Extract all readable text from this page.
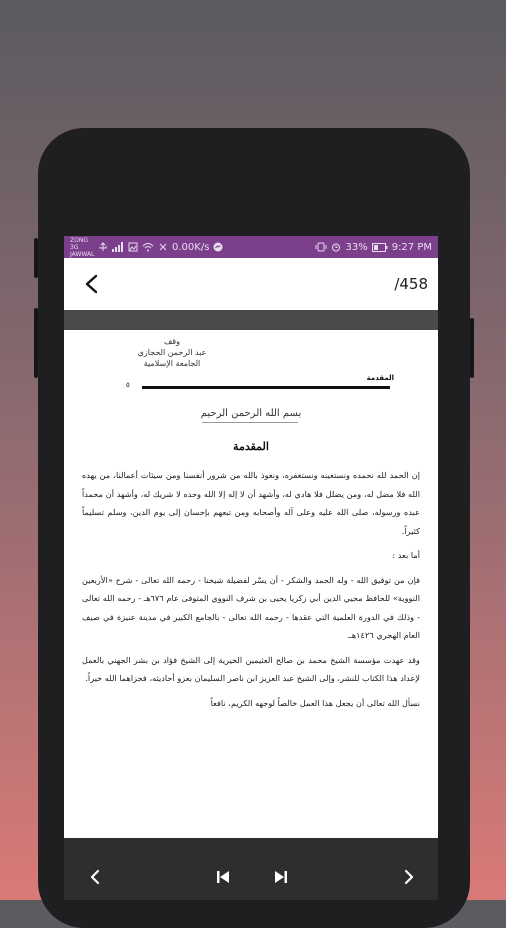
ZONG 3G JAWWAL
0.00K/s	33% 9:27 PM
/458
وقف
عبد الرحمن الحجازي
الجامعة الإسلامية
المقدمة
٥
بسم الله الرحمن الرحيم
المقدمة

إن الحمد لله نحمده ونستعينه ونستغفره، ونعوذ بالله من شرور أنفسنا ومن سيئات أعمالنا، من يهده الله فلا مضل له، ومن يضلل فلا هادي له، وأشهد أن لا إله إلا الله وحده لا شريك له، وأشهد أن محمداً عبده ورسوله، صلى الله عليه وعلى آله وأصحابه ومن تبعهم بإحسان إلى يوم الدين، وسلم تسليماً كثيراً.

أما بعد :

فإن من توفيق الله - وله الحمد والشكر - أن يسّر لفضيلة شيخنا - رحمه الله تعالى - شرح «الأربعين النووية» للحافظ محيي الدين أبي زكريا يحيى بن شرف النووي المتوفى عام ٦٧٦هـ - رحمه الله تعالى - وذلك في الدورة العلمية التي عقدها - رحمه الله تعالى - بالجامع الكبير في مدينة عنيزة في صيف العام الهجري ١٤٢٦هـ.

وقد عهدت مؤسسة الشيخ محمد بن صالح العثيمين الخيرية إلى الشيخ فؤاد بن بشر الجهني بالعمل لإعداد هذا الكتاب للنشر، وإلى الشيخ عبد العزيز ابن ناصر السليمان بعزو أحاديثه، فجزاهما الله خيراً.

نسأل الله تعالى أن يجعل هذا العمل خالصاً لوجهه الكريم، نافعاً
